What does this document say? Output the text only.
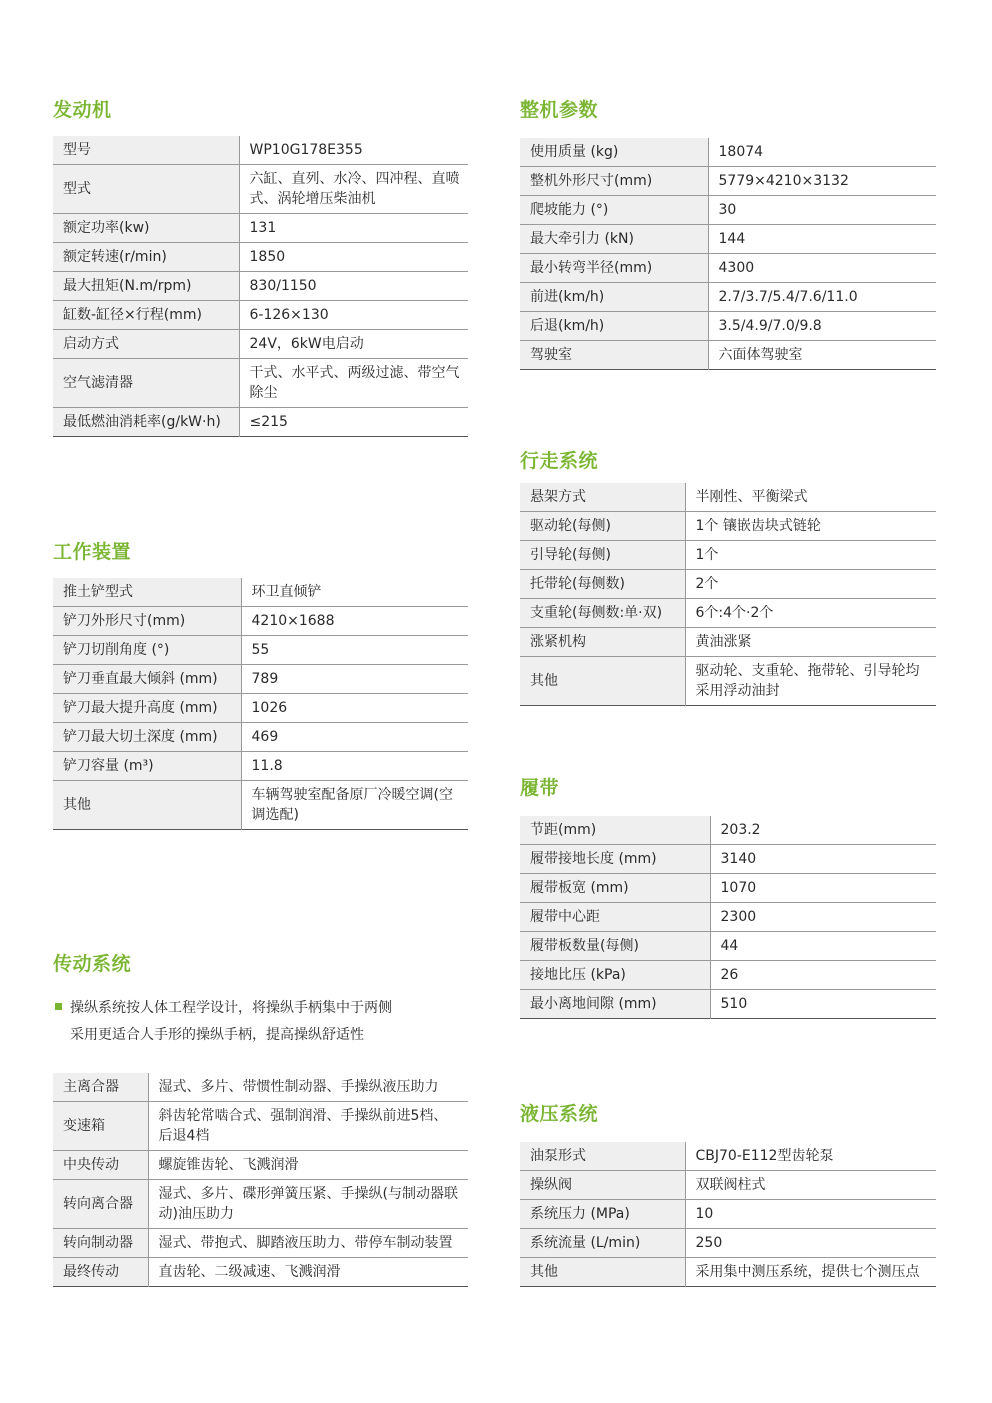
发动机
型号	WP10G178E355
型式	六缸、直列、水冷、四冲程、直喷式、涡轮增压柴油机
额定功率(kw)	131
额定转速(r/min)	1850
最大扭矩(N.m/rpm)	830/1150
缸数-缸径×行程(mm)	6-126×130
启动方式	24V，6kW电启动
空气滤清器	干式、水平式、两级过滤、带空气除尘
最低燃油消耗率(g/kW·h)	≤215
整机参数
使用质量 (kg)	18074
整机外形尺寸(mm)	5779×4210×3132
爬坡能力 (°)	30
最大牵引力 (kN)	144
最小转弯半径(mm)	4300
前进(km/h)	2.7/3.7/5.4/7.6/11.0
后退(km/h)	3.5/4.9/7.0/9.8
驾驶室	六面体驾驶室
行走系统
悬架方式	半刚性、平衡梁式
驱动轮(每侧)	1个 镶嵌齿块式链轮
引导轮(每侧)	1个
托带轮(每侧数)	2个
支重轮(每侧数:单·双)	6个:4个·2个
涨紧机构	黄油涨紧
其他	驱动轮、支重轮、拖带轮、引导轮均采用浮动油封
工作装置
推土铲型式	环卫直倾铲
铲刀外形尺寸(mm)	4210×1688
铲刀切削角度 (°)	55
铲刀垂直最大倾斜 (mm)	789
铲刀最大提升高度 (mm)	1026
铲刀最大切土深度 (mm)	469
铲刀容量 (m³)	11.8
其他	车辆驾驶室配备原厂冷暖空调(空调选配)
履带
节距(mm)	203.2
履带接地长度 (mm)	3140
履带板宽 (mm)	1070
履带中心距	2300
履带板数量(每侧)	44
接地比压 (kPa)	26
最小离地间隙 (mm)	510
传动系统
操纵系统按人体工程学设计，将操纵手柄集中于两侧
采用更适合人手形的操纵手柄，提高操纵舒适性
主离合器	湿式、多片、带惯性制动器、手操纵液压助力
变速箱	斜齿轮常啮合式、强制润滑、手操纵前进5档、后退4档
中央传动	螺旋锥齿轮、飞溅润滑
转向离合器	湿式、多片、碟形弹簧压紧、手操纵(与制动器联动)油压助力
转向制动器	湿式、带抱式、脚踏液压助力、带停车制动装置
最终传动	直齿轮、二级减速、飞溅润滑
液压系统
油泵形式	CBJ70-E112型齿轮泵
操纵阀	双联阀柱式
系统压力 (MPa)	10
系统流量 (L/min)	250
其他	采用集中测压系统，提供七个测压点
